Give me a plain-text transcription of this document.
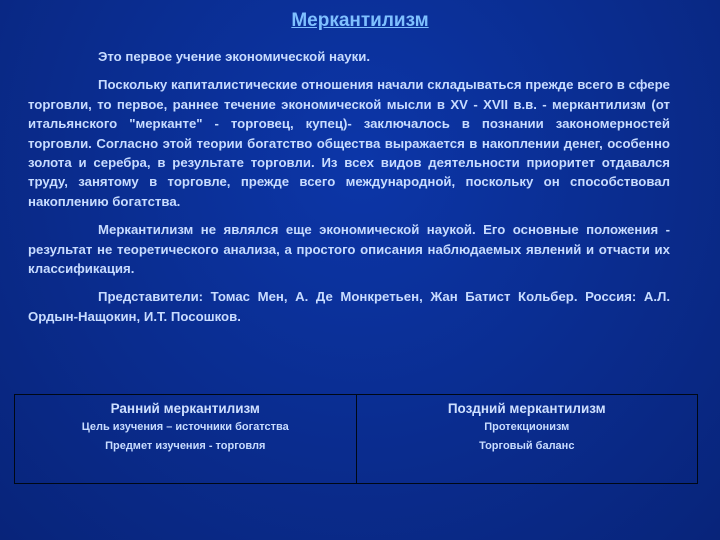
Меркантилизм

Это первое учение экономической науки.

Поскольку капиталистические отношения начали складываться прежде всего в сфере торговли, то первое, раннее течение экономической мысли в XV - XVII в.в. - меркантилизм (от итальянского "мерканте" - торговец, купец)- заключалось в познании закономерностей торговли. Согласно этой теории богатство общества выражается в накоплении денег, особенно золота и серебра, в результате торговли. Из всех видов деятельности приоритет отдавался труду, занятому в торговле, прежде всего международной, поскольку он способствовал накоплению богатства.

Меркантилизм не являлся еще экономической наукой. Его основные положения - результат не теоретического анализа, а простого описания наблюдаемых явлений и отчасти их классификация.

Представители: Томас Мен, А. Де Монкретьен, Жан Батист Кольбер. Россия: А.Л. Ордын-Нащокин, И.Т. Посошков.

Ранний меркантилизм
Цель изучения – источники богатства
Предмет изучения - торговля
Поздний меркантилизм
Протекционизм
Торговый баланс
